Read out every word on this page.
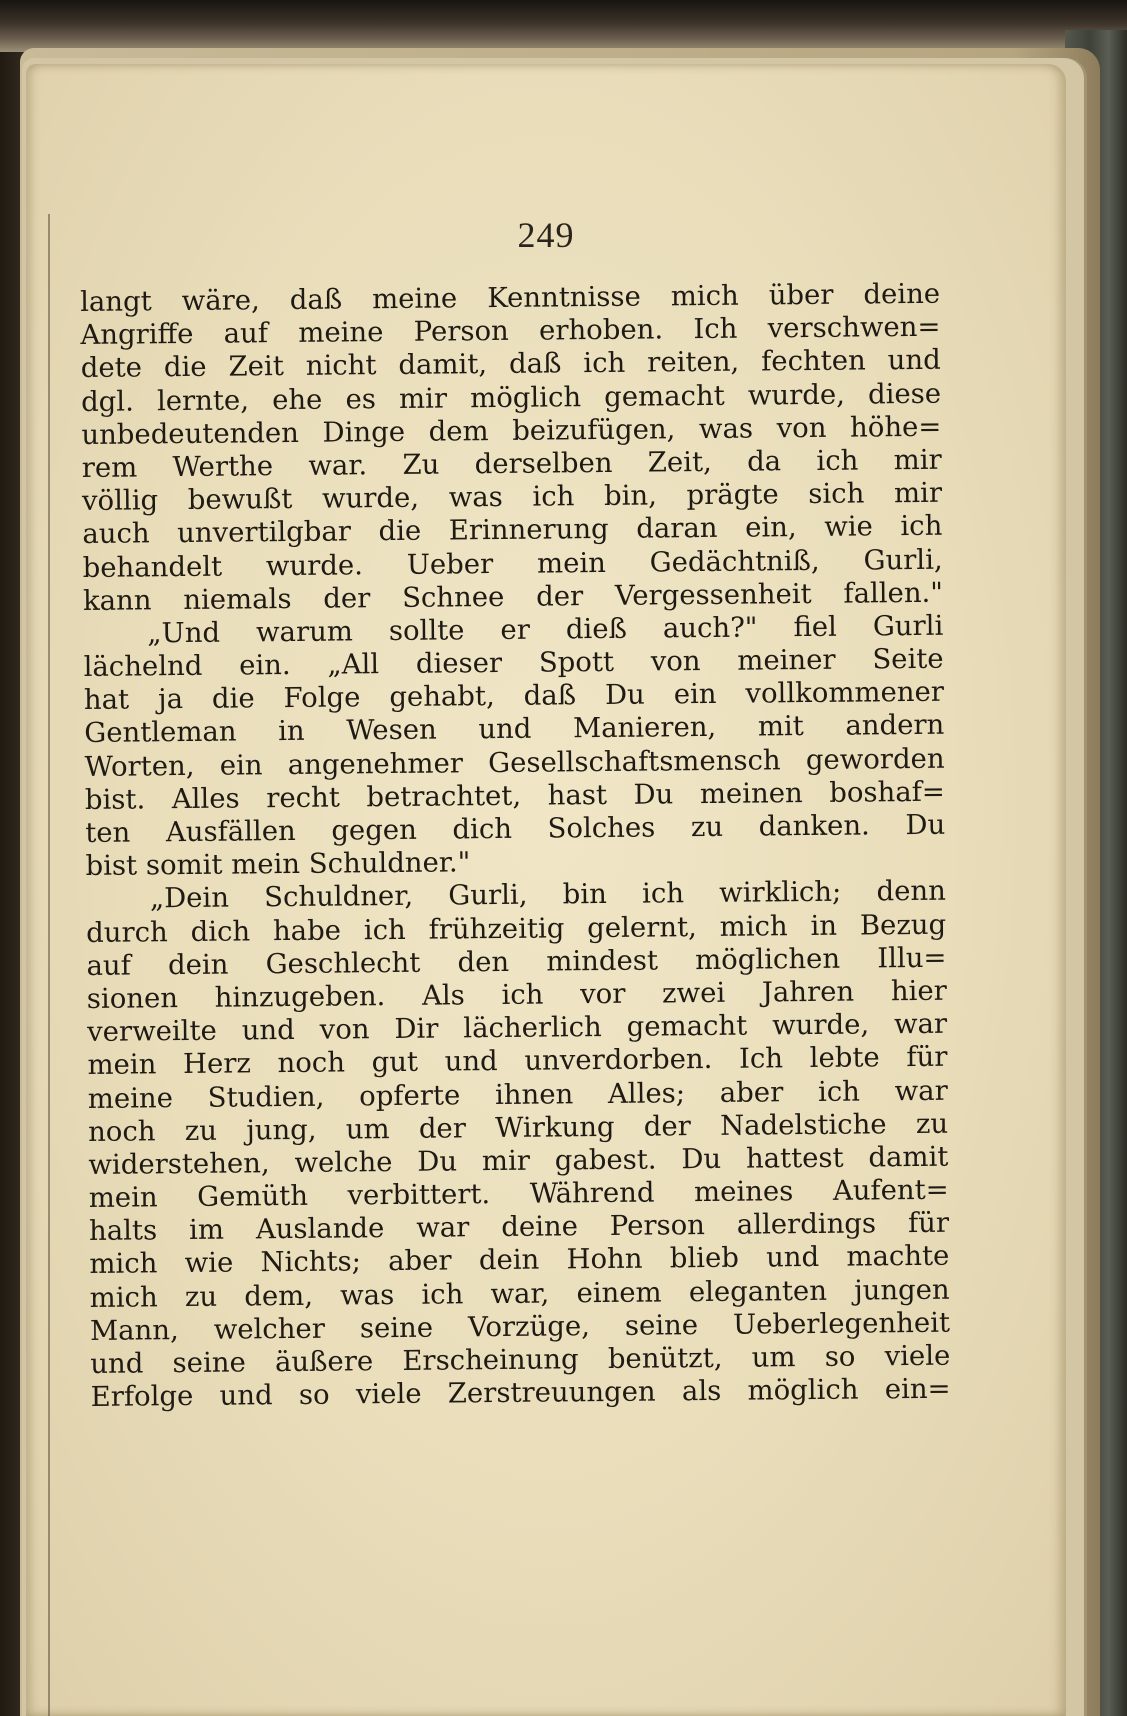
249
langt wäre, daß meine Kenntnisse mich über deine
Angriffe auf meine Person erhoben. Ich verschwen=
dete die Zeit nicht damit, daß ich reiten, fechten und
dgl. lernte, ehe es mir möglich gemacht wurde, diese
unbedeutenden Dinge dem beizufügen, was von höhe=
rem Werthe war. Zu derselben Zeit, da ich mir
völlig bewußt wurde, was ich bin, prägte sich mir
auch unvertilgbar die Erinnerung daran ein, wie ich
behandelt wurde. Ueber mein Gedächtniß, Gurli,
kann niemals der Schnee der Vergessenheit fallen."
„Und warum sollte er dieß auch?" fiel Gurli
lächelnd ein. „All dieser Spott von meiner Seite
hat ja die Folge gehabt, daß Du ein vollkommener
Gentleman in Wesen und Manieren, mit andern
Worten, ein angenehmer Gesellschaftsmensch geworden
bist. Alles recht betrachtet, hast Du meinen boshaf=
ten Ausfällen gegen dich Solches zu danken. Du
bist somit mein Schuldner."
„Dein Schuldner, Gurli, bin ich wirklich; denn
durch dich habe ich frühzeitig gelernt, mich in Bezug
auf dein Geschlecht den mindest möglichen Illu=
sionen hinzugeben. Als ich vor zwei Jahren hier
verweilte und von Dir lächerlich gemacht wurde, war
mein Herz noch gut und unverdorben. Ich lebte für
meine Studien, opferte ihnen Alles; aber ich war
noch zu jung, um der Wirkung der Nadelstiche zu
widerstehen, welche Du mir gabest. Du hattest damit
mein Gemüth verbittert. Während meines Aufent=
halts im Auslande war deine Person allerdings für
mich wie Nichts; aber dein Hohn blieb und machte
mich zu dem, was ich war, einem eleganten jungen
Mann, welcher seine Vorzüge, seine Ueberlegenheit
und seine äußere Erscheinung benützt, um so viele
Erfolge und so viele Zerstreuungen als möglich ein=
